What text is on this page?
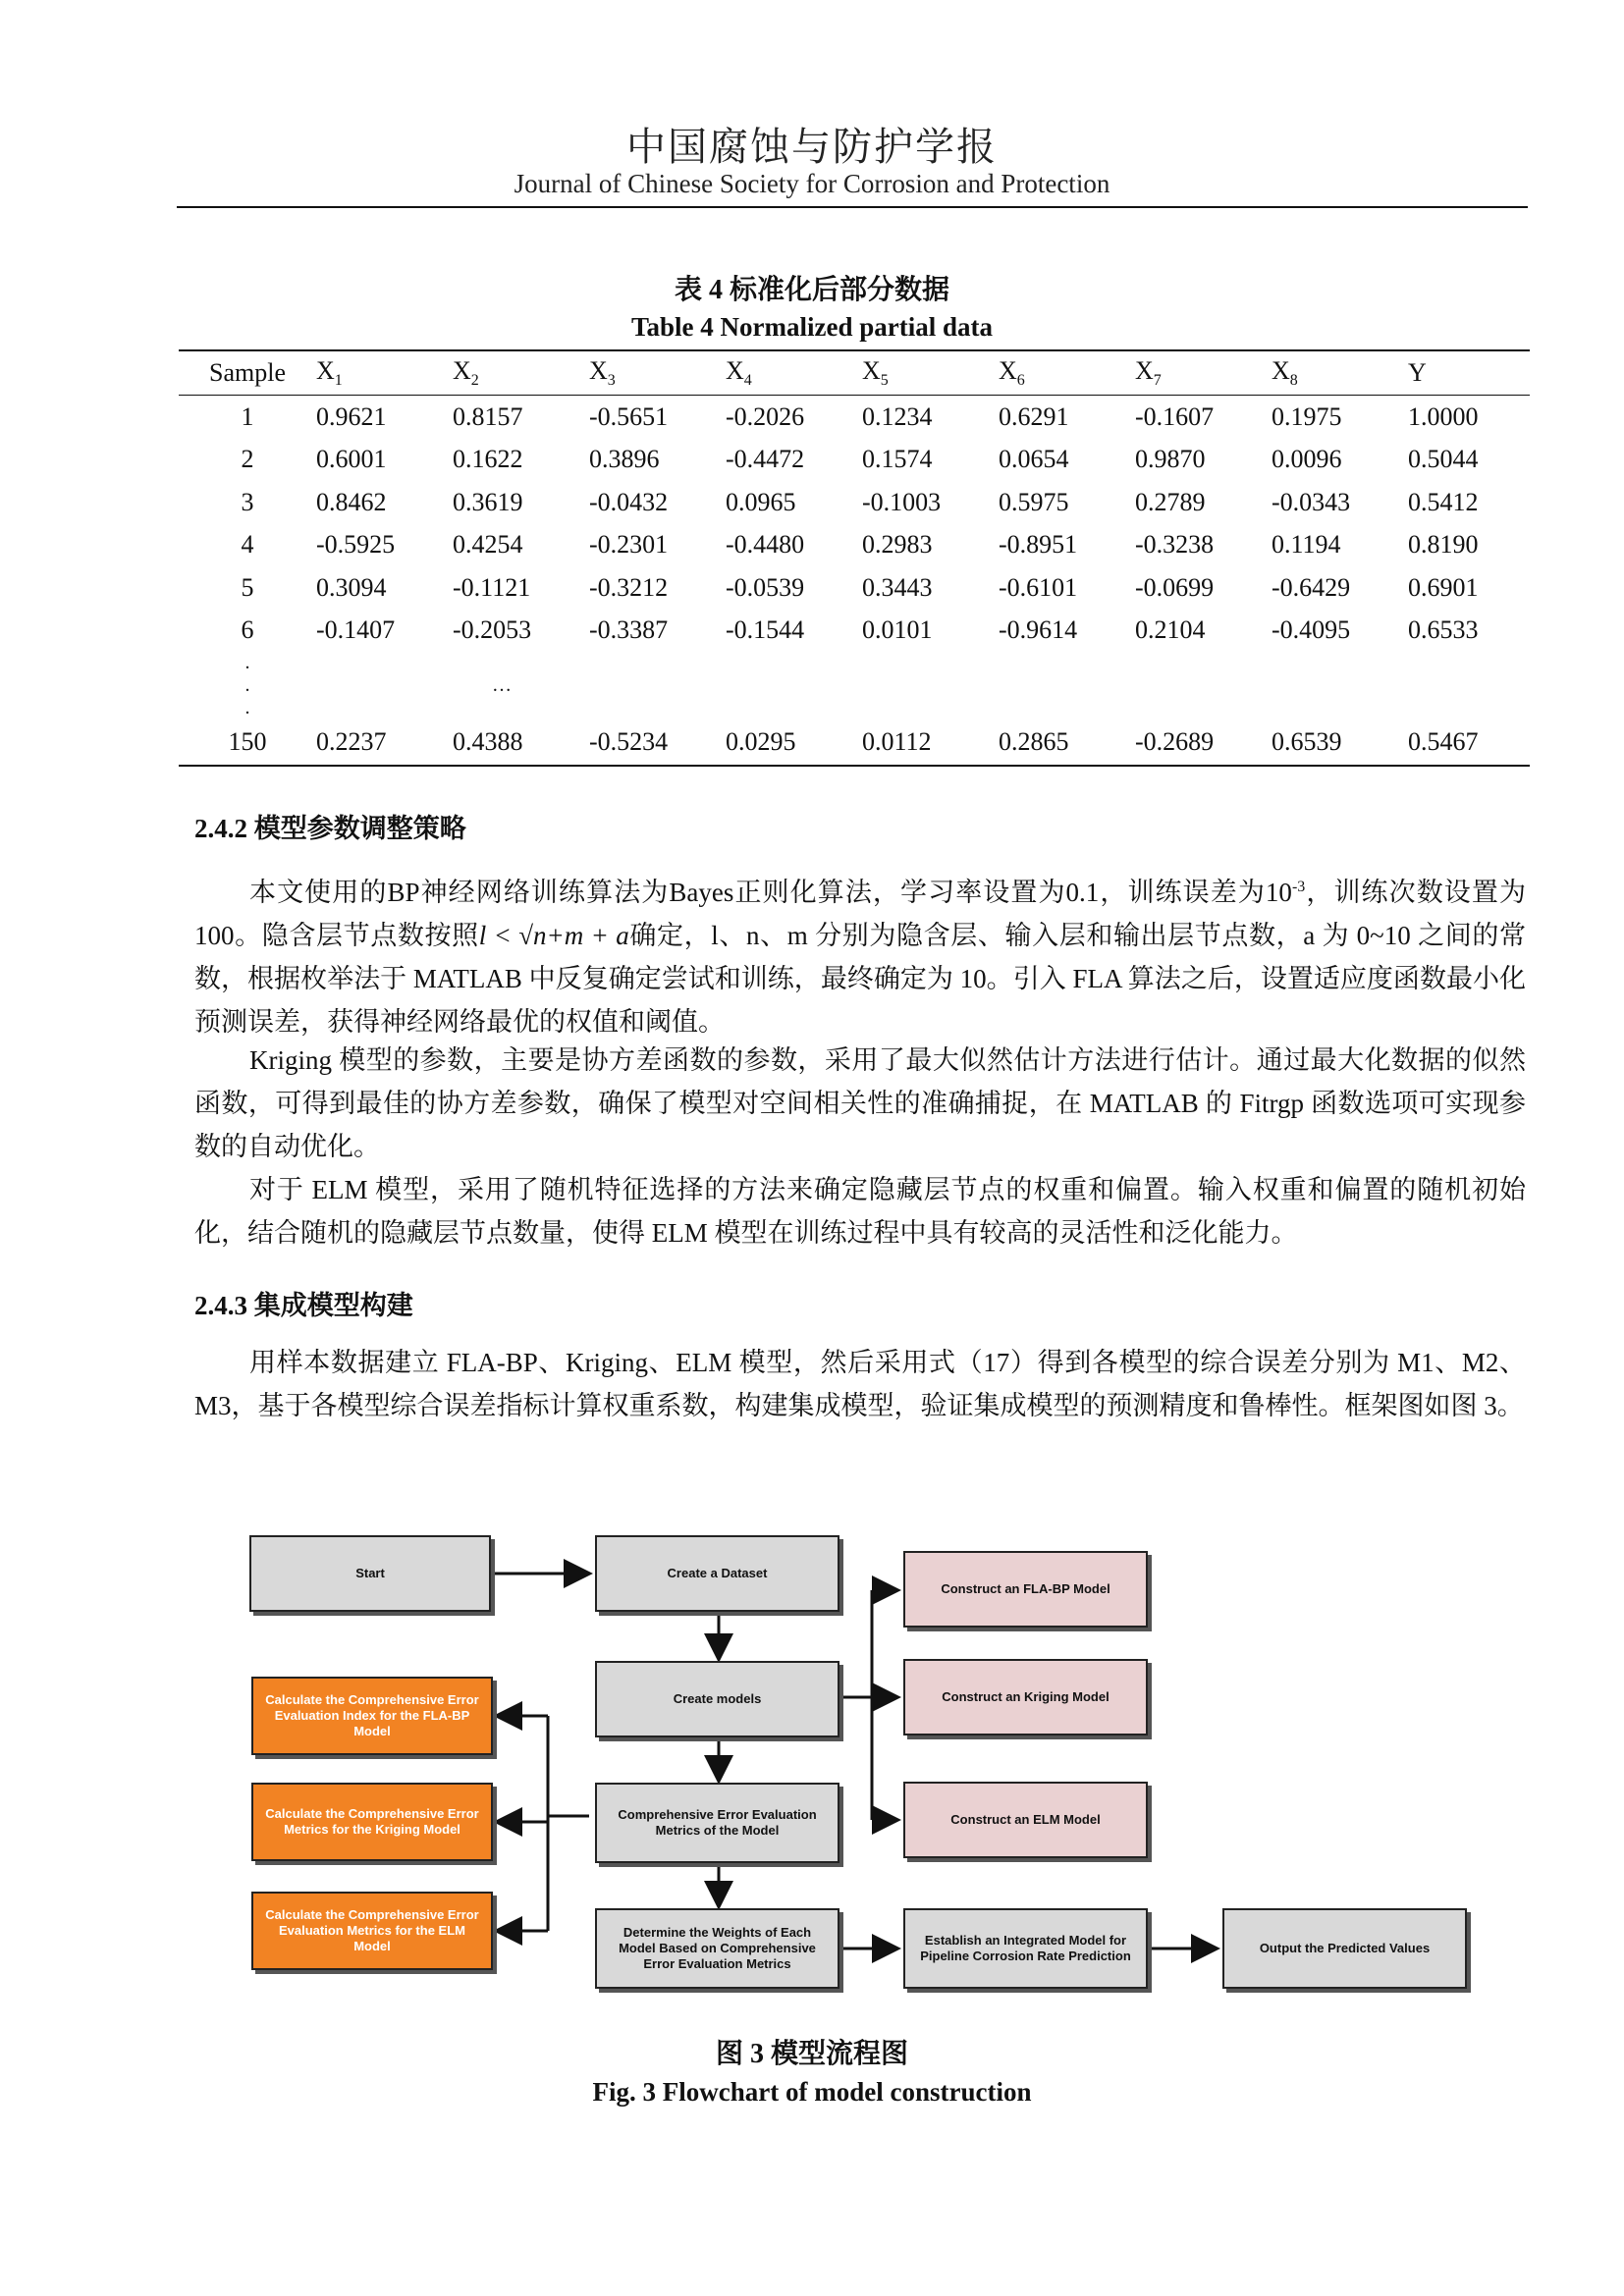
中国腐蚀与防护学报
Journal of Chinese Society for Corrosion and Protection
表 4 标准化后部分数据
Table 4 Normalized partial data
Sample	$X_1$	$X_2$	$X_3$	$X_4$	$X_5$	$X_6$	$X_7$	$X_8$	Y
1	0.9621	0.8157	-0.5651	-0.2026	0.1234	0.6291	-0.1607	0.1975	1.0000
2	0.6001	0.1622	0.3896	-0.4472	0.1574	0.0654	0.9870	0.0096	0.5044
3	0.8462	0.3619	-0.0432	0.0965	-0.1003	0.5975	0.2789	-0.0343	0.5412
4	-0.5925	0.4254	-0.2301	-0.4480	0.2983	-0.8951	-0.3238	0.1194	0.8190
5	0.3094	-0.1121	-0.3212	-0.0539	0.3443	-0.6101	-0.0699	-0.6429	0.6901
6	-0.1407	-0.2053	-0.3387	-0.1544	0.0101	-0.9614	0.2104	-0.4095	0.6533
.									
.		…							
.									
150	0.2237	0.4388	-0.5234	0.0295	0.0112	0.2865	-0.2689	0.6539	0.5467
2.4.2 模型参数调整策略
本文使用的BP神经网络训练算法为Bayes正则化算法，学习率设置为0.1，训练误差为$10^{-3}$，训练次数设置为 100。隐含层节点数按照l < √n+m + a确定，l、n、m 分别为隐含层、输入层和输出层节点数，a 为 0~10 之间的常数，根据枚举法于 MATLAB 中反复确定尝试和训练，最终确定为 10。引入 FLA 算法之后，设置适应度函数最小化预测误差，获得神经网络最优的权值和阈值。
Kriging 模型的参数，主要是协方差函数的参数，采用了最大似然估计方法进行估计。通过最大化数据的似然函数，可得到最佳的协方差参数，确保了模型对空间相关性的准确捕捉，在 MATLAB 的 Fitrgp 函数选项可实现参数的自动优化。
对于 ELM 模型，采用了随机特征选择的方法来确定隐藏层节点的权重和偏置。输入权重和偏置的随机初始化，结合随机的隐藏层节点数量，使得 ELM 模型在训练过程中具有较高的灵活性和泛化能力。
2.4.3 集成模型构建
用样本数据建立 FLA-BP、Kriging、ELM 模型，然后采用式（17）得到各模型的综合误差分别为 M1、M2、M3，基于各模型综合误差指标计算权重系数，构建集成模型，验证集成模型的预测精度和鲁棒性。框架图如图 3。
Start	Create a Dataset
Create models
Comprehensive Error Evaluation Metrics of the Model
Determine the Weights of Each Model Based on Comprehensive Error Evaluation Metrics
Construct an FLA-BP Model
Construct an Kriging Model
Construct an ELM Model
Establish an Integrated Model for Pipeline Corrosion Rate Prediction
Output the Predicted Values
Calculate the Comprehensive Error Evaluation Index for the FLA-BP Model
Calculate the Comprehensive Error Metrics for the Kriging Model
Calculate the Comprehensive Error Evaluation Metrics for the ELM Model
图 3 模型流程图
Fig. 3 Flowchart of model construction
